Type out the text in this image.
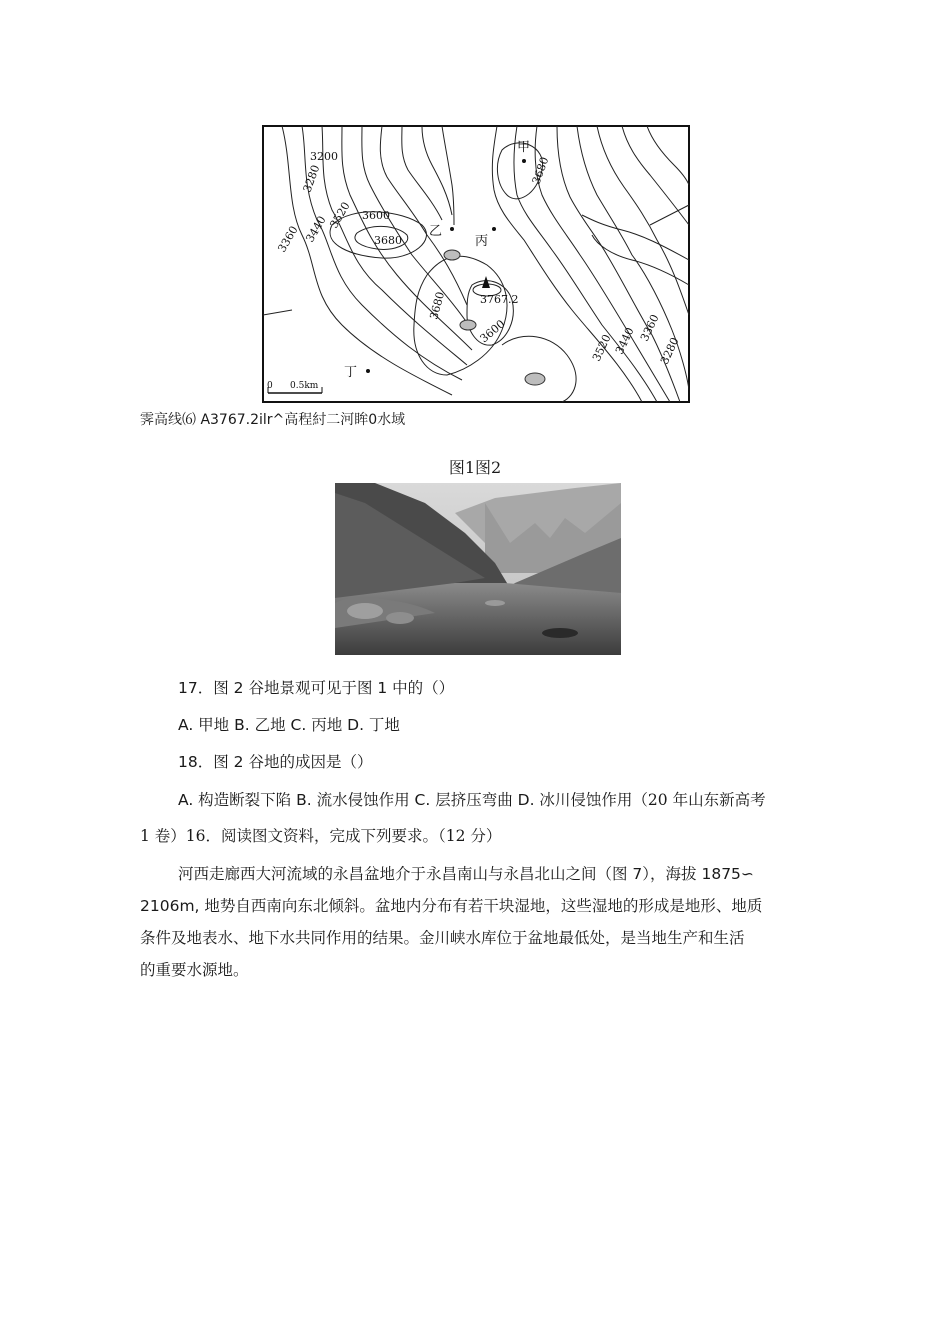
3200
3280
3360 3440
3520 3600
3680
3680
3680
3600
3520 3440 3360
3280
甲
乙
丙
丁
3767.2
0 0.5km
霁高线⑹ A3767.2ilr^高程紂二河眸0水域
图1图2
17．图 2 谷地景观可见于图 1 中的（）
A. 甲地 B. 乙地 C. 丙地 D. 丁地
18．图 2 谷地的成因是（）
A. 构造断裂下陷 B. 流水侵蚀作用 C. 层挤压弯曲 D. 冰川侵蚀作用（20 年山东新高考
1 卷）16．阅读图文资料，完成下列要求。（12 分）
河西走廊西大河流域的永昌盆地介于永昌南山与永昌北山之间（图 7），海拔 1875∽
2106m, 地势自西南向东北倾斜。盆地内分布有若干块湿地，这些湿地的形成是地形、地质
条件及地表水、地下水共同作用的结果。金川峡水库位于盆地最低处，是当地生产和生活
的重要水源地。
